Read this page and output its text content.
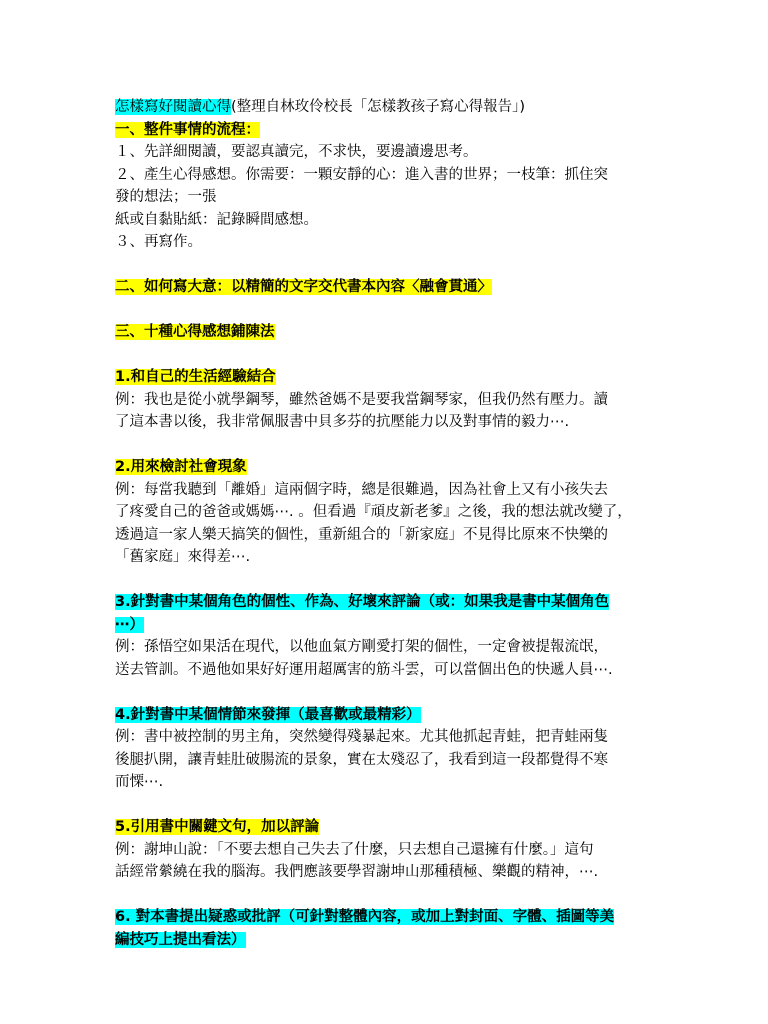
怎樣寫好閱讀心得(整理自林玫伶校長「怎樣教孩子寫心得報告」)
一、整件事情的流程：
１、先詳細閱讀，要認真讀完，不求快，要邊讀邊思考。
２、產生心得感想。你需要：一顆安靜的心：進入書的世界；一枝筆：抓住突
發的想法；一張
紙或自黏貼紙：記錄瞬間感想。
３、再寫作。
二、如何寫大意：以精簡的文字交代書本內容〈融會貫通〉
三、十種心得感想鋪陳法
1.和自己的生活經驗結合
例：我也是從小就學鋼琴，雖然爸媽不是要我當鋼琴家，但我仍然有壓力。讀
了這本書以後，我非常佩服書中貝多芬的抗壓能力以及對事情的毅力⋯.
2.用來檢討社會現象
例：每當我聽到「離婚」這兩個字時，總是很難過，因為社會上又有小孩失去
了疼愛自己的爸爸或媽媽⋯. 。但看過『頑皮新老爹』之後，我的想法就改變了，
透過這一家人樂天搞笑的個性，重新組合的「新家庭」不見得比原來不快樂的
「舊家庭」來得差⋯.
3.針對書中某個角色的個性、作為、好壞來評論（或：如果我是書中某個角色
⋯）
例：孫悟空如果活在現代，以他血氣方剛愛打架的個性，一定會被提報流氓，
送去管訓。不過他如果好好運用超厲害的筋斗雲，可以當個出色的快遞人員⋯.
4.針對書中某個情節來發揮（最喜歡或最精彩）
例：書中被控制的男主角，突然變得殘暴起來。尤其他抓起青蛙，把青蛙兩隻
後腿扒開，讓青蛙肚破腸流的景象，實在太殘忍了，我看到這一段都覺得不寒
而慄⋯.
5.引用書中關鍵文句，加以評論
例：謝坤山說：「不要去想自己失去了什麼，只去想自己還擁有什麼。」這句
話經常縈繞在我的腦海。我們應該要學習謝坤山那種積極、樂觀的精神，⋯.
6. 對本書提出疑惑或批評（可針對整體內容，或加上對封面、字體、插圖等美
編技巧上提出看法）
